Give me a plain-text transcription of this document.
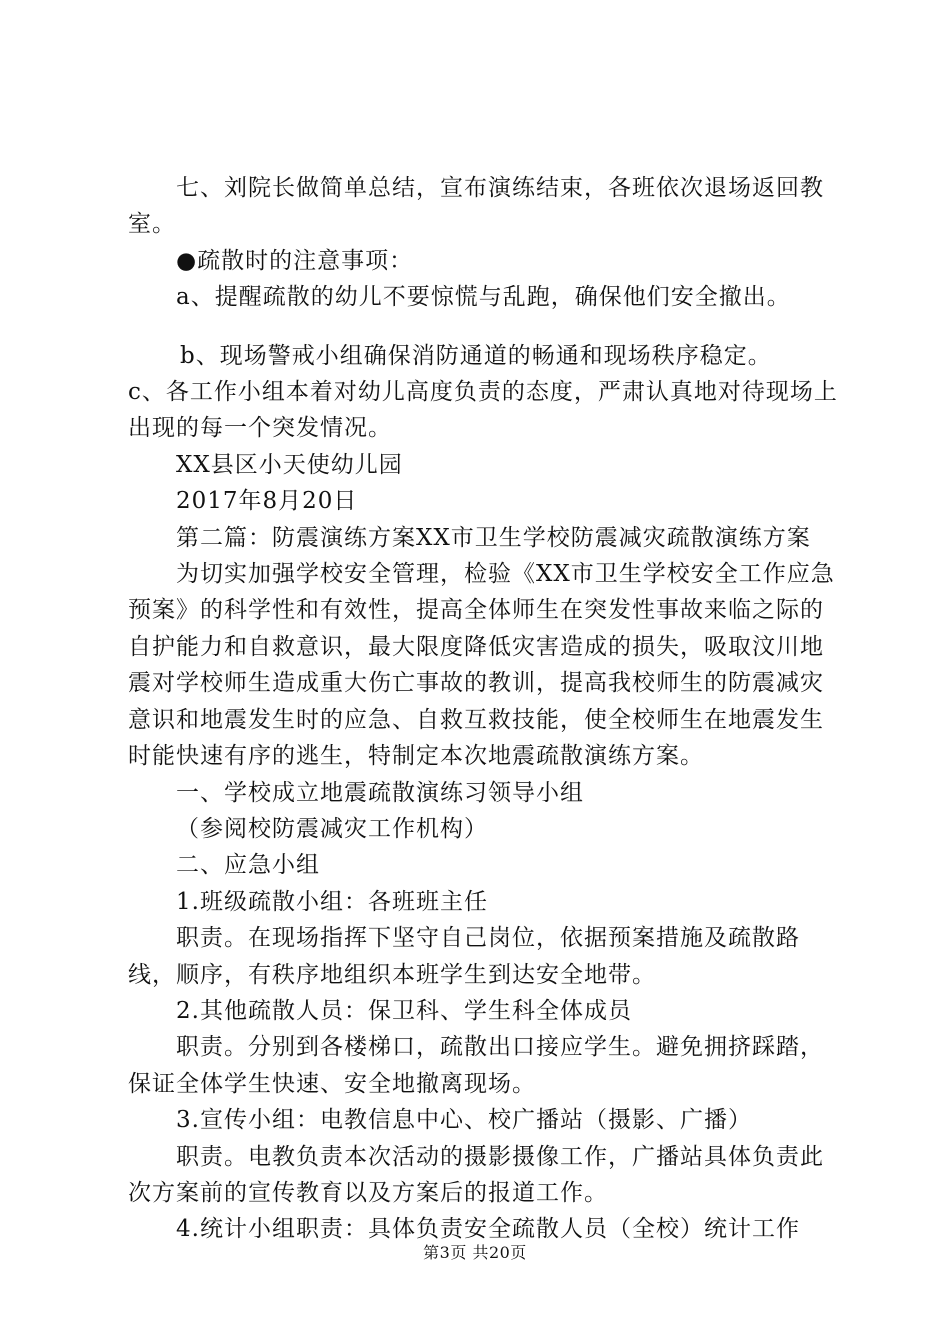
七、刘院长做简单总结，宣布演练结束，各班依次退场返回教室。

●疏散时的注意事项：

a、提醒疏散的幼儿不要惊慌与乱跑，确保他们安全撤出。

b、现场警戒小组确保消防通道的畅通和现场秩序稳定。

c、各工作小组本着对幼儿高度负责的态度，严肃认真地对待现场上出现的每一个突发情况。

XX县区小天使幼儿园

2017年8月20日

第二篇：防震演练方案XX市卫生学校防震减灾疏散演练方案

为切实加强学校安全管理，检验《XX市卫生学校安全工作应急预案》的科学性和有效性，提高全体师生在突发性事故来临之际的自护能力和自救意识，最大限度降低灾害造成的损失，吸取汶川地震对学校师生造成重大伤亡事故的教训，提高我校师生的防震减灾意识和地震发生时的应急、自救互救技能，使全校师生在地震发生时能快速有序的逃生，特制定本次地震疏散演练方案。

一、学校成立地震疏散演练习领导小组

（参阅校防震减灾工作机构）

二、应急小组

1.班级疏散小组：各班班主任

职责。在现场指挥下坚守自己岗位，依据预案措施及疏散路线，顺序，有秩序地组织本班学生到达安全地带。

2.其他疏散人员：保卫科、学生科全体成员

职责。分别到各楼梯口，疏散出口接应学生。避免拥挤踩踏，保证全体学生快速、安全地撤离现场。

3.宣传小组：电教信息中心、校广播站（摄影、广播）

职责。电教负责本次活动的摄影摄像工作，广播站具体负责此次方案前的宣传教育以及方案后的报道工作。

4.统计小组职责：具体负责安全疏散人员（全校）统计工作

第3页 共20页
